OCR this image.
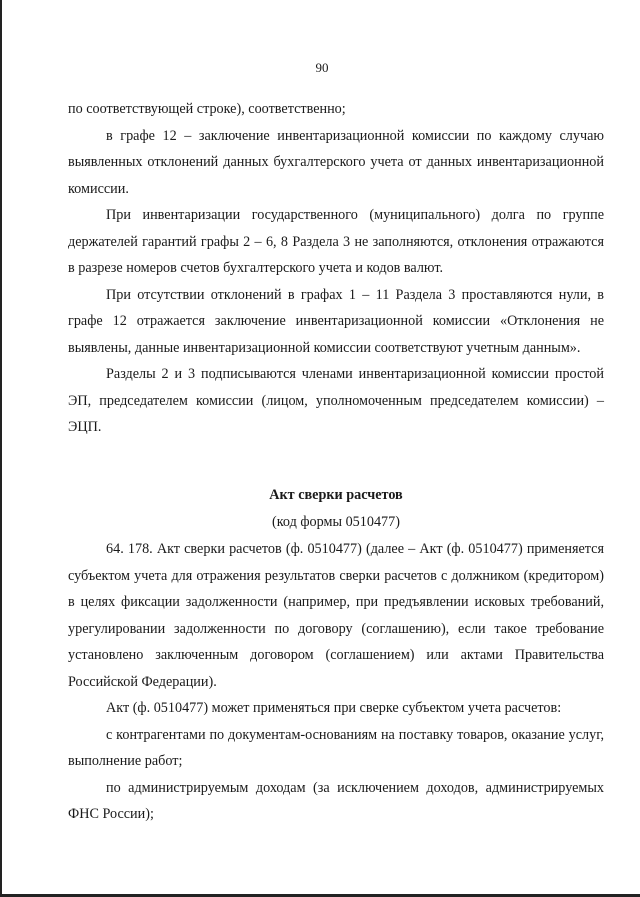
90

по соответствующей строке), соответственно;

в графе 12 – заключение инвентаризационной комиссии по каждому случаю выявленных отклонений данных бухгалтерского учета от данных инвентаризационной комиссии.

При инвентаризации государственного (муниципального) долга по группе держателей гарантий графы 2 – 6, 8 Раздела 3 не заполняются, отклонения отражаются в разрезе номеров счетов бухгалтерского учета и кодов валют.

При отсутствии отклонений в графах 1 – 11 Раздела 3 проставляются нули, в графе 12 отражается заключение инвентаризационной комиссии «Отклонения не выявлены, данные инвентаризационной комиссии соответствуют учетным данным».

Разделы 2 и 3 подписываются членами инвентаризационной комиссии простой ЭП, председателем комиссии (лицом, уполномоченным председателем комиссии) – ЭЦП.

Акт сверки расчетов

(код формы 0510477)

64. 178. Акт сверки расчетов (ф. 0510477) (далее – Акт (ф. 0510477) применяется субъектом учета для отражения результатов сверки расчетов с должником (кредитором) в целях фиксации задолженности (например, при предъявлении исковых требований, урегулировании задолженности по договору (соглашению), если такое требование установлено заключенным договором (соглашением) или актами Правительства Российской Федерации).

Акт (ф. 0510477) может применяться при сверке субъектом учета расчетов:

с контрагентами по документам-основаниям на поставку товаров, оказание услуг, выполнение работ;

по администрируемым доходам (за исключением доходов, администрируемых ФНС России);
